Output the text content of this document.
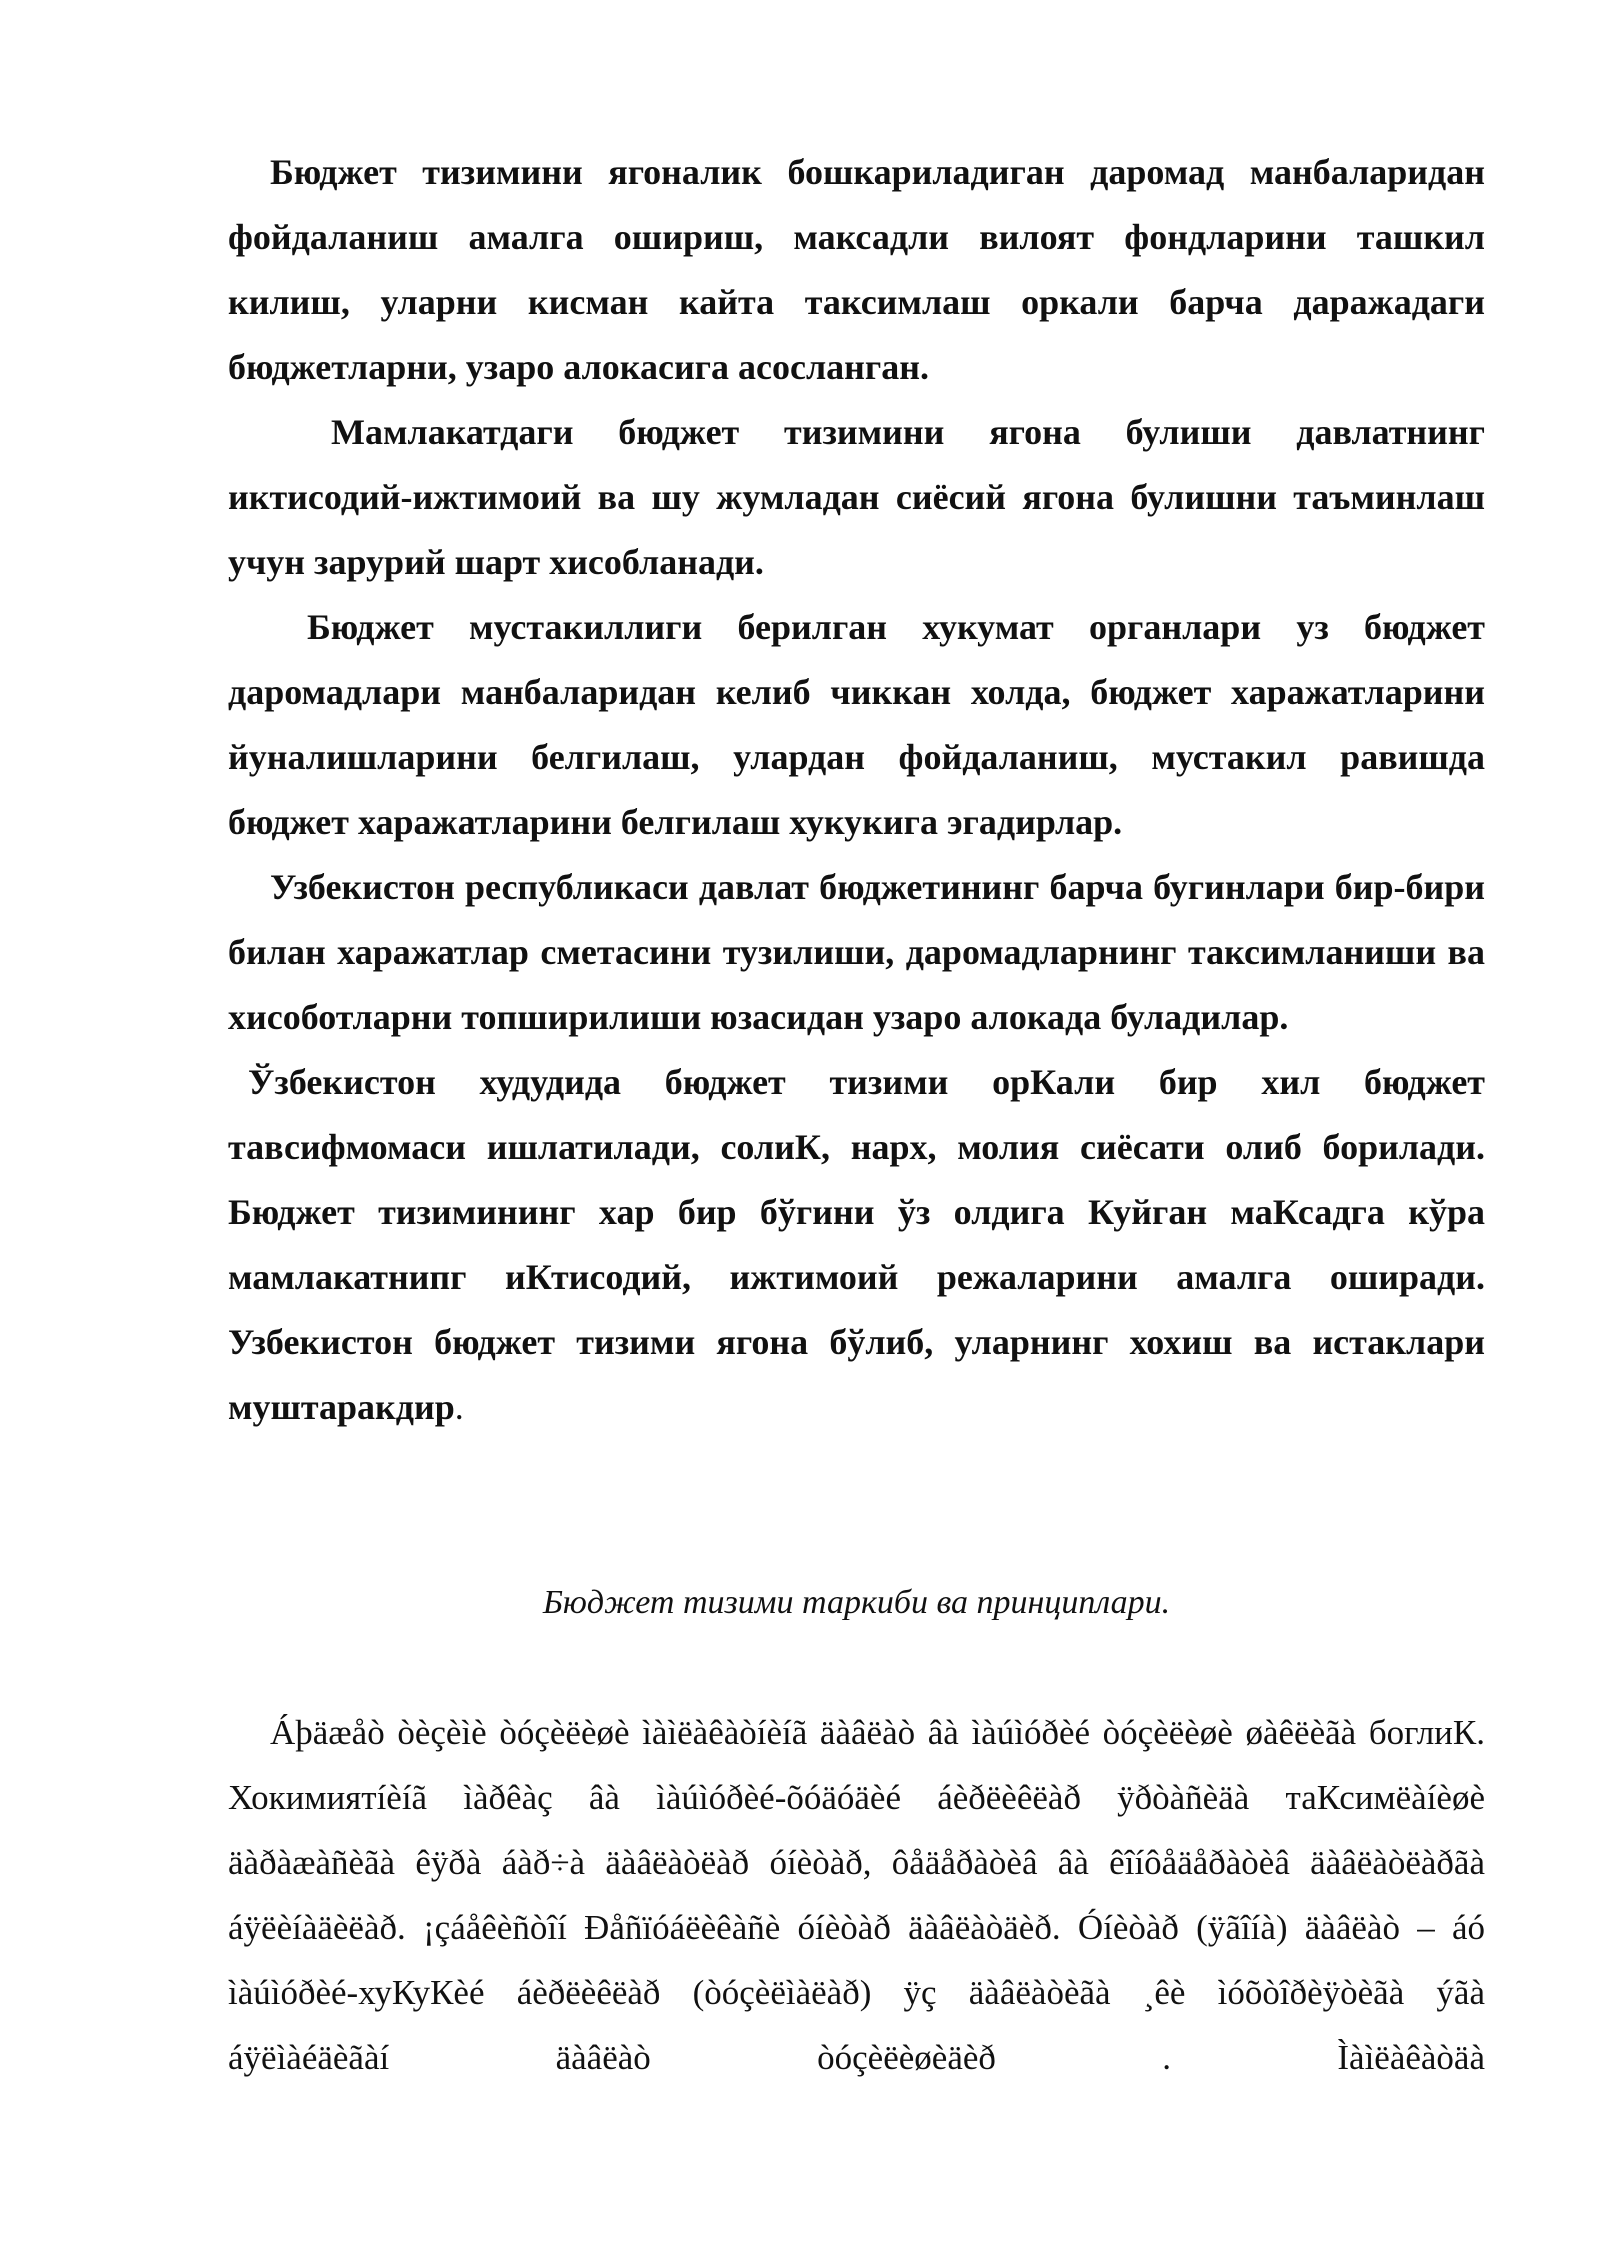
Бюджет тизимини ягоналик бошкариладиган даромад манбаларидан фойдаланиш амалга ошириш, максадли вилоят фондларини ташкил килиш, уларни кисман кайта таксимлаш оркали барча даражадаги бюджетларни, узаро алокасига асосланган.

Мамлакатдаги бюджет тизимини ягона булиши давлатнинг иктисодий-ижтимоий ва шу жумладан сиёсий ягона булишни таъминлаш учун зарурий шарт хисобланади.

Бюджет мустакиллиги берилган хукумат органлари уз бюджет даромадлари манбаларидан келиб чиккан холда, бюджет харажатларини йуналишларини белгилаш, улардан фойдаланиш, мустакил равишда бюджет харажатларини белгилаш хукукига эгадирлар.

Узбекистон республикаси давлат бюджетининг барча бугинлари бир-бири билан харажатлар сметасини тузилиши, даромадларнинг таксимланиши ва хисоботларни топширилиши юзасидан узаро алокада буладилар.

Ўзбекистон худудида бюджет тизими орКали бир хил бюджет тавсифмомаси ишлатилади, солиК, нарх, молия сиёсати олиб борилади. Бюджет тизимининг хар бир бўгини ўз олдига Куйган маКсадга кўра мамлакатнипг иКтисодий, ижтимоий режаларини амалга оширади. Узбекистон бюджет тизими ягона бўлиб, уларнинг хохиш ва истаклари муштаракдир.

Бюджет тизими таркиби ва принциплари.

Áþäæåò òèçèìè òóçèëèøè ìàìëàêàòíèíã äàâëàò âà ìàúìóðèé òóçèëèøè øàêëèãà боглиК. Хокимиятíèíã ìàðêàç âà ìàúìóðèé-õóäóäèé áèðëèêëàð ÿðòàñèäà таКсимëàíèøè äàðàæàñèãà êÿðà áàð÷à äàâëàòëàð óíèòàð, ôåäåðàòèâ âà êîíôåäåðàòèâ äàâëàòëàðãà áÿëèíàäèëàð. ¡çáåêèñòîí Ðåñïóáëèêàñè óíèòàð äàâëàòäèð. Óíèòàð (ÿãîíà) äàâëàò – áó ìàúìóðèé-хуКуКèé áèðëèêëàð (òóçèëìàëàð) ÿç äàâëàòèãà ¸êè ìóõòîðèÿòèãà ýãà áÿëìàéäèãàí äàâëàò òóçèëèøèäèð . Ìàìëàêàòäà
